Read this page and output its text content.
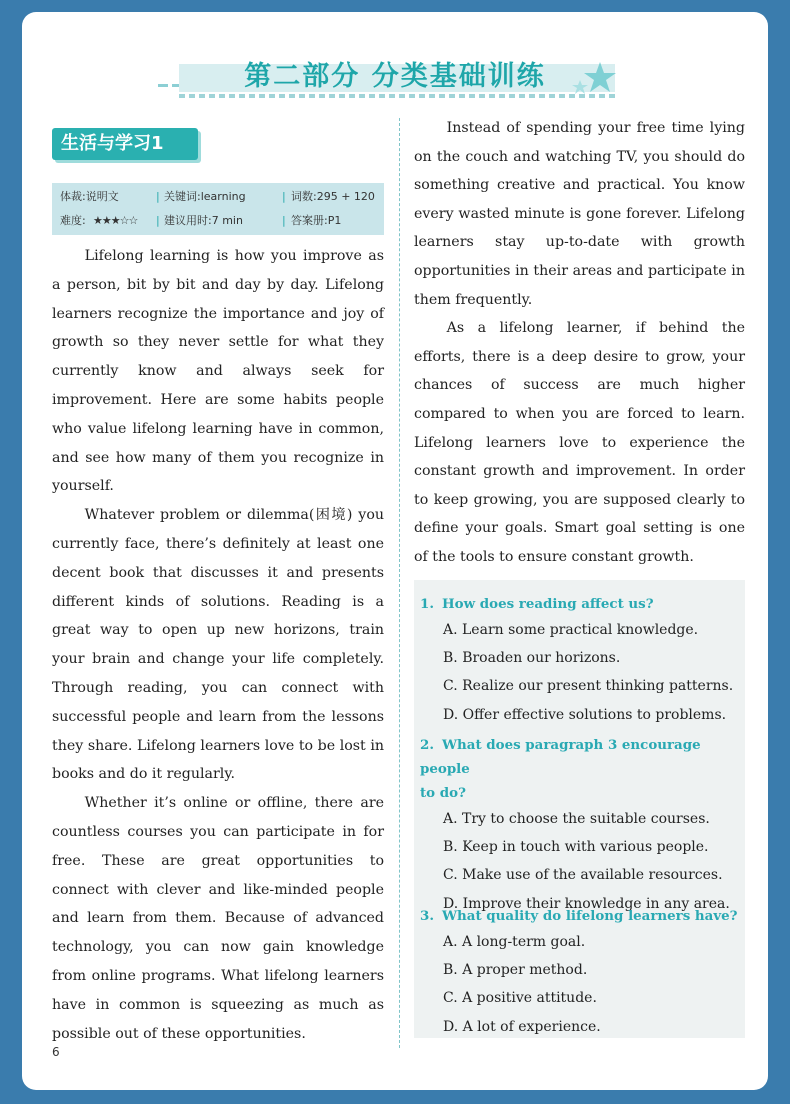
第二部分 分类基础训练
生活与学习1
体裁:说明文	| 关键词:learning	| 词数:295 + 120
难度: ★★★☆☆ | 建议用时:7 min	| 答案册:P1

Lifelong learning is how you improve as a person, bit by bit and day by day. Lifelong learners recognize the importance and joy of growth so they never settle for what they currently know and always seek for improvement. Here are some habits people who value lifelong learning have in common, and see how many of them you recognize in yourself.

Whatever problem or dilemma(困境) you currently face, there’s definitely at least one decent book that discusses it and presents different kinds of solutions. Reading is a great way to open up new horizons, train your brain and change your life completely. Through reading, you can connect with successful people and learn from the lessons they share. Lifelong learners love to be lost in books and do it regularly.

Whether it’s online or offline, there are countless courses you can participate in for free. These are great opportunities to connect with clever and like-minded people and learn from them. Because of advanced technology, you can now gain knowledge from online programs. What lifelong learners have in common is squeezing as much as possible out of these opportunities.

Instead of spending your free time lying on the couch and watching TV, you should do something creative and practical. You know every wasted minute is gone forever. Lifelong learners stay up-to-date with growth opportunities in their areas and participate in them frequently.

As a lifelong learner, if behind the efforts, there is a deep desire to grow, your chances of success are much higher compared to when you are forced to learn. Lifelong learners love to experience the constant growth and improvement. In order to keep growing, you are supposed clearly to define your goals. Smart goal setting is one of the tools to ensure constant growth.

1. How does reading affect us?
A. Learn some practical knowledge.
B. Broaden our horizons.
C. Realize our present thinking patterns.
D. Offer effective solutions to problems.
2. What does paragraph 3 encourage people
to do?
A. Try to choose the suitable courses.
B. Keep in touch with various people.
C. Make use of the available resources.
D. Improve their knowledge in any area.
3. What quality do lifelong learners have?
A. A long-term goal.
B. A proper method.
C. A positive attitude.
D. A lot of experience.
6
